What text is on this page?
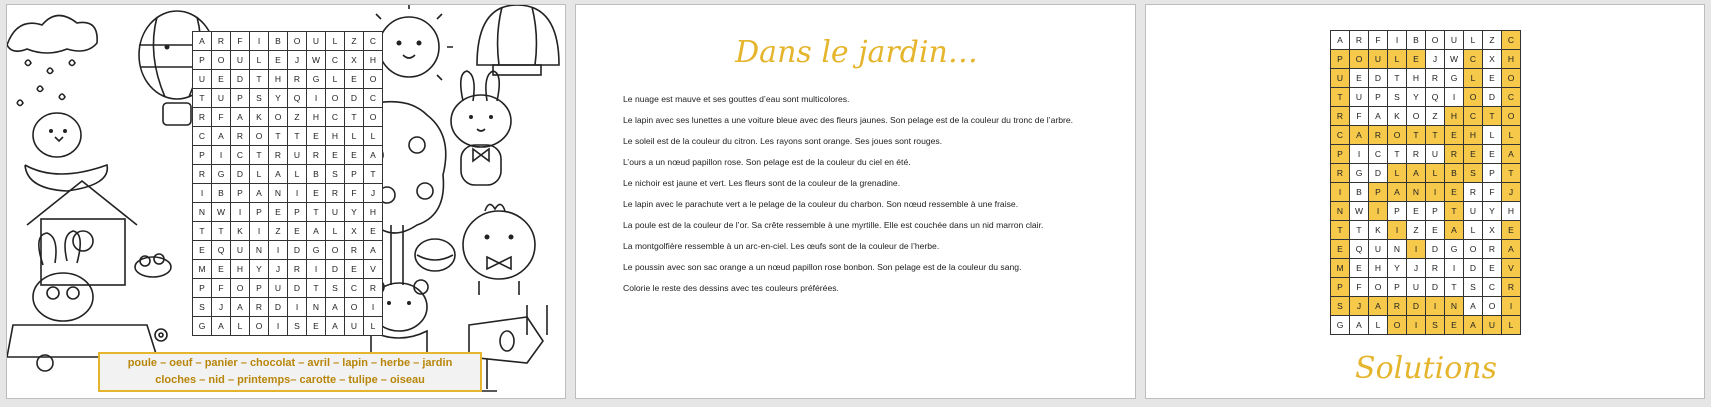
A	R	F	I	B	O	U	L	Z	C
P	O	U	L	E	J	W	C	X	H
U	E	D	T	H	R	G	L	E	O
T	U	P	S	Y	Q	I	O	D	C
R	F	A	K	O	Z	H	C	T	O
C	A	R	O	T	T	E	H	L	L
P	I	C	T	R	U	R	E	E	A
R	G	D	L	A	L	B	S	P	T
I	B	P	A	N	I	E	R	F	J
N	W	I	P	E	P	T	U	Y	H
T	T	K	I	Z	E	A	L	X	E
E	Q	U	N	I	D	G	O	R	A
M	E	H	Y	J	R	I	D	E	V
P	F	O	P	U	D	T	S	C	R
S	J	A	R	D	I	N	A	O	I
G	A	L	O	I	S	E	A	U	L
poule – oeuf – panier – chocolat – avril – lapin – herbe – jardin
cloches – nid – printemps– carotte – tulipe – oiseau
Dans le jardin…

Le nuage est mauve et ses gouttes d’eau sont multicolores.

Le lapin avec ses lunettes a une voiture bleue avec des fleurs jaunes. Son pelage est de la couleur du tronc de l’arbre.

Le soleil est de la couleur du citron. Les rayons sont orange. Ses joues sont rouges.

L’ours a un nœud papillon rose. Son pelage est de la couleur du ciel en été.

Le nichoir est jaune et vert. Les fleurs sont de la couleur de la grenadine.

Le lapin avec le parachute vert a le pelage de la couleur du charbon. Son nœud ressemble à une fraise.

La poule est de la couleur de l’or. Sa crête ressemble à une myrtille. Elle est couchée dans un nid marron clair.

La montgolfière ressemble à un arc-en-ciel. Les œufs sont de la couleur de l’herbe.

Le poussin avec son sac orange a un nœud papillon rose bonbon. Son pelage est de la couleur du sang.

Colorie le reste des dessins avec tes couleurs préférées.

Solutions
A	R	F	I	B	O	U	L	Z	C
P	O	U	L	E	J	W	C	X	H
U	E	D	T	H	R	G	L	E	O
T	U	P	S	Y	Q	I	O	D	C
R	F	A	K	O	Z	H	C	T	O
C	A	R	O	T	T	E	H	L	L
P	I	C	T	R	U	R	E	E	A
R	G	D	L	A	L	B	S	P	T
I	B	P	A	N	I	E	R	F	J
N	W	I	P	E	P	T	U	Y	H
T	T	K	I	Z	E	A	L	X	E
E	Q	U	N	I	D	G	O	R	A
M	E	H	Y	J	R	I	D	E	V
P	F	O	P	U	D	T	S	C	R
S	J	A	R	D	I	N	A	O	I
G	A	L	O	I	S	E	A	U	L
